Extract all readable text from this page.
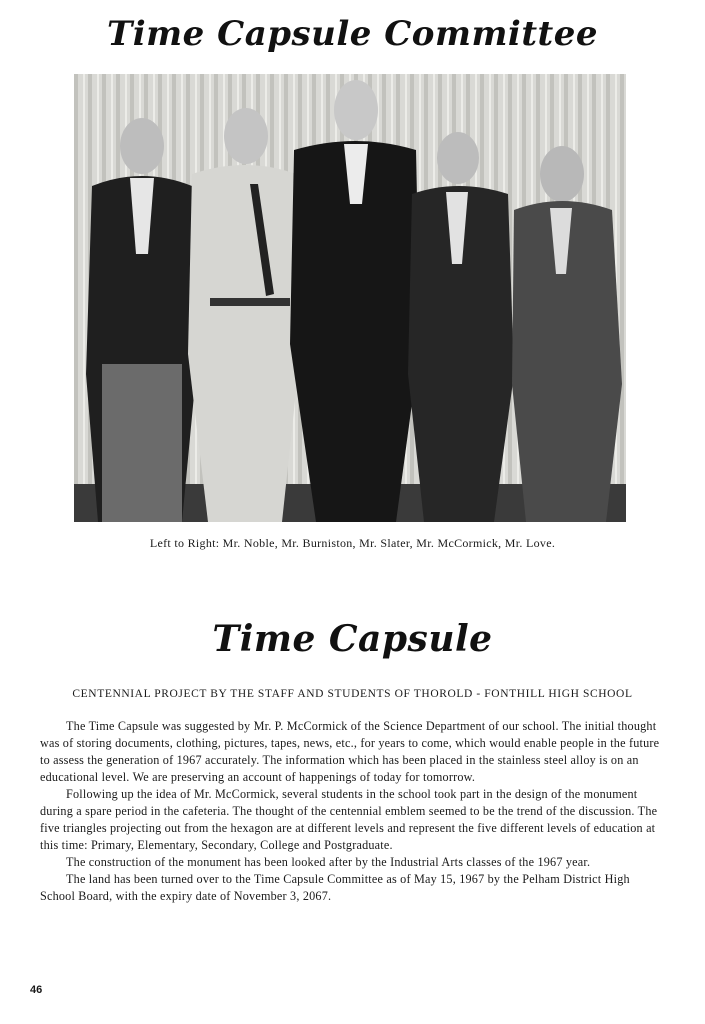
Time Capsule Committee
Left to Right: Mr. Noble, Mr. Burniston, Mr. Slater, Mr. McCormick, Mr. Love.
Time Capsule
CENTENNIAL PROJECT BY THE STAFF AND STUDENTS OF THOROLD - FONTHILL HIGH SCHOOL

The Time Capsule was suggested by Mr. P. McCormick of the Science Department of our school. The initial thought was of storing documents, clothing, pictures, tapes, news, etc., for years to come, which would enable people in the future to assess the generation of 1967 accurately. The information which has been placed in the stainless steel alloy is on an educational level. We are preserving an account of happenings of today for tomorrow.

Following up the idea of Mr. McCormick, several students in the school took part in the design of the monument during a spare period in the cafeteria. The thought of the centennial emblem seemed to be the trend of the discussion. The five triangles projecting out from the hexagon are at different levels and represent the five different levels of education at this time: Primary, Elementary, Secondary, College and Postgraduate.

The construction of the monument has been looked after by the Industrial Arts classes of the 1967 year.

The land has been turned over to the Time Capsule Committee as of May 15, 1967 by the Pelham District High School Board, with the expiry date of November 3, 2067.

46
